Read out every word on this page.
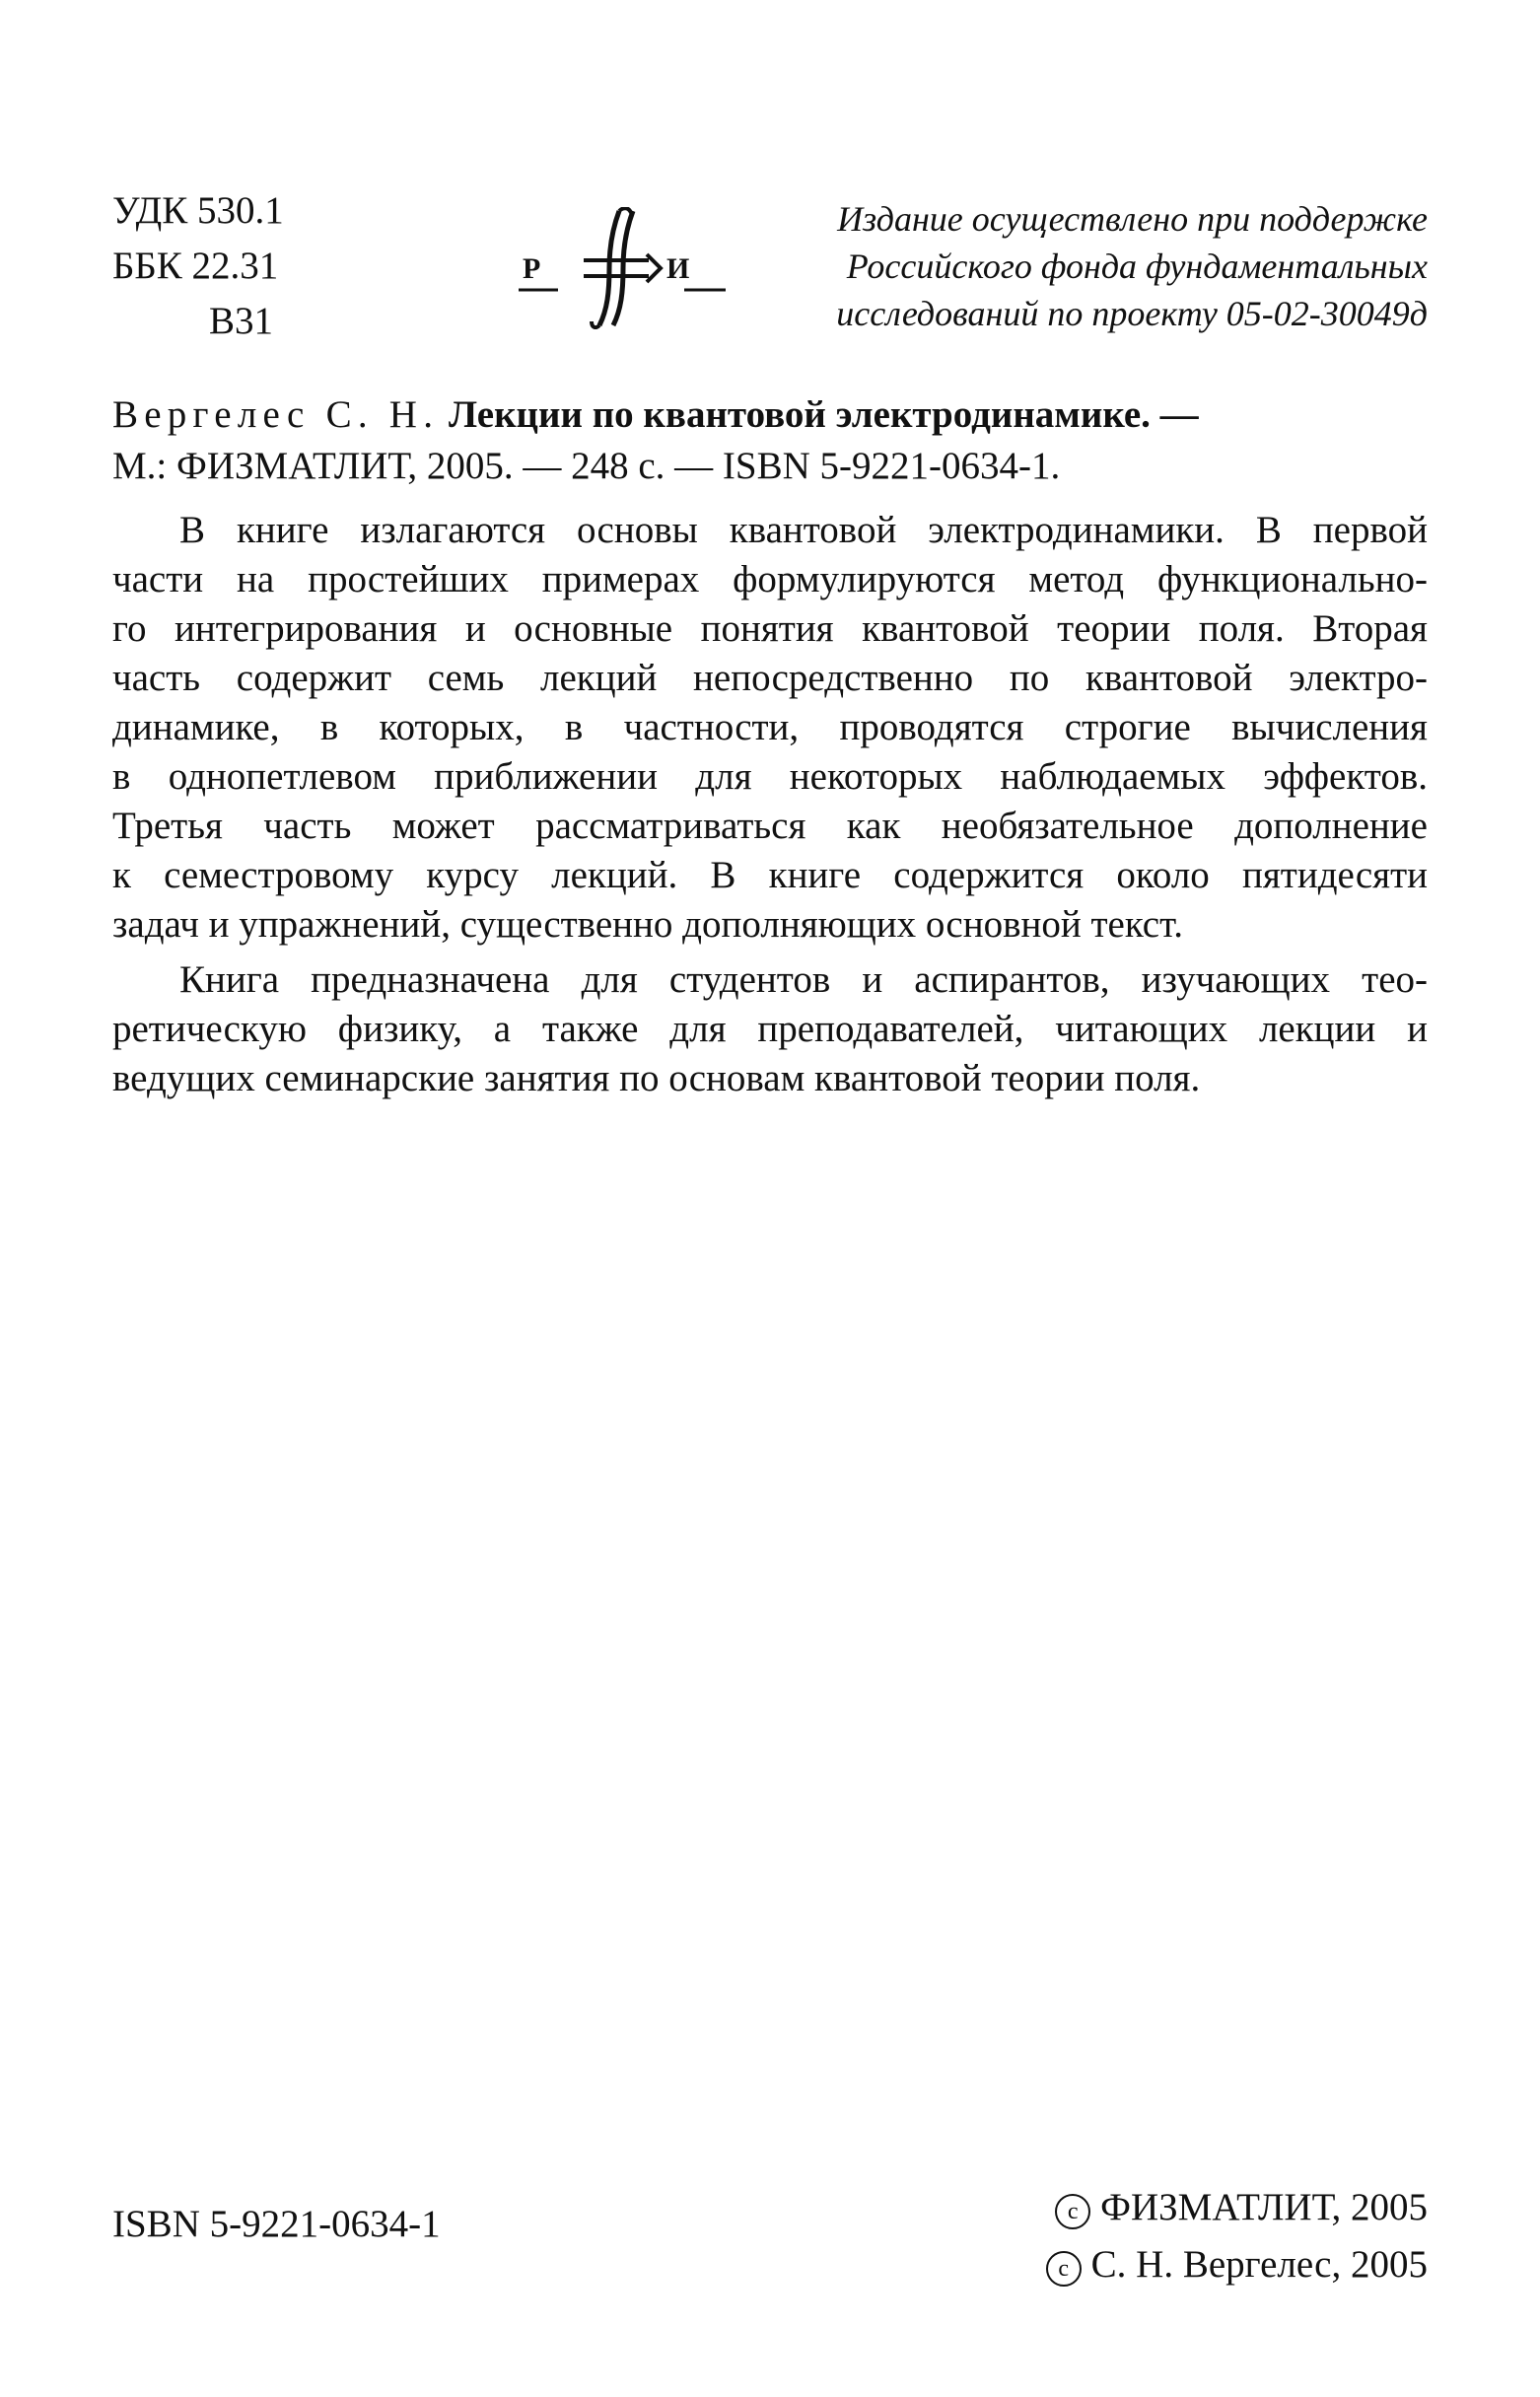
УДК 530.1
ББК 22.31
В31
Р	И
Издание осуществлено при поддержке
Российского фонда фундаментальных
исследований по проекту 05-02-30049д
Вергелес С. Н. Лекции по квантовой электродинамике. —
М.: ФИЗМАТЛИТ, 2005. — 248 с. — ISBN 5-9221-0634-1.

В книге излагаются основы квантовой электродинамики. В первой
части на простейших примерах формулируются метод функционально-
го интегрирования и основные понятия квантовой теории поля. Вторая
часть содержит семь лекций непосредственно по квантовой электро-
динамике, в которых, в частности, проводятся строгие вычисления
в однопетлевом приближении для некоторых наблюдаемых эффектов.
Третья часть может рассматриваться как необязательное дополнение
к семестровому курсу лекций. В книге содержится около пятидесяти
задач и упражнений, существенно дополняющих основной текст.

Книга предназначена для студентов и аспирантов, изучающих тео-
ретическую физику, а также для преподавателей, читающих лекции и
ведущих семинарские занятия по основам квантовой теории поля.

ISBN 5-9221-0634-1	c ФИЗМАТЛИТ, 2005
c С. Н. Вергелес, 2005
